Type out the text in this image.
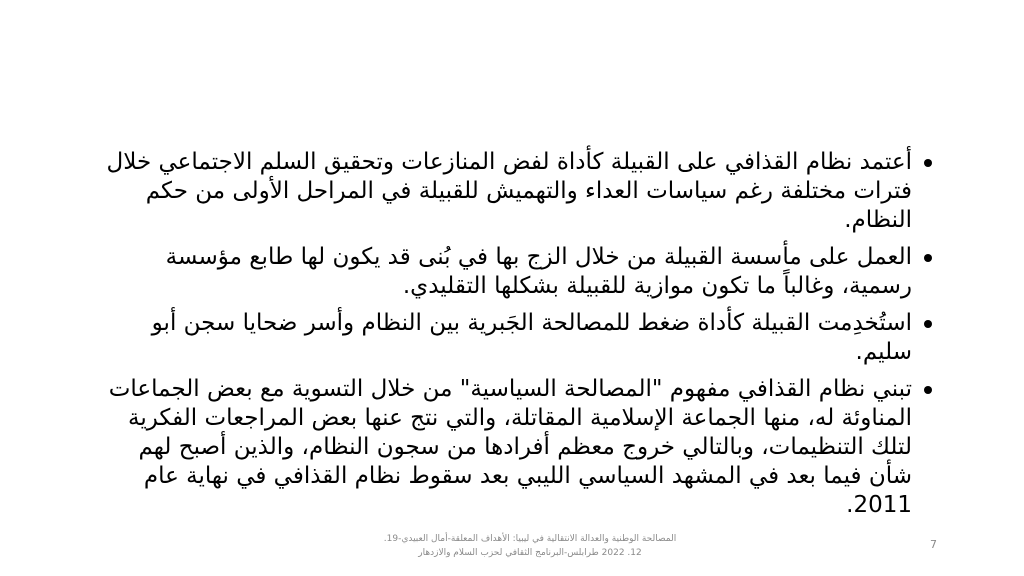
أعتمد نظام القذافي على القبيلة كأداة لفض المنازعات وتحقيق السلم الاجتماعي خلال فترات مختلفة رغم سياسات العداء والتهميش للقبيلة في المراحل الأولى من حكم النظام.
العمل على مأسسة القبيلة من خلال الزج بها في بُنى قد يكون لها طابع مؤسسة رسمية، وغالباً ما تكون موازية للقبيلة بشكلها التقليدي.
استُخدِمت القبيلة كأداة ضغط للمصالحة الجَبرية بين النظام وأسر ضحايا سجن أبو سليم.
تبني نظام القذافي مفهوم "المصالحة السياسية" من خلال التسوية مع بعض الجماعات المناوئة له، منها الجماعة الإسلامية المقاتلة، والتي نتج عنها بعض المراجعات الفكرية لتلك التنظيمات، وبالتالي خروج معظم أفرادها من سجون النظام، والذين أصبح لهم شأن فيما بعد في المشهد السياسي الليبي بعد سقوط نظام القذافي في نهاية عام 2011.
المصالحة الوطنية والعدالة الانتقالية في ليبيا: الأهداف المعلقة-أمال العبيدي-19.
12. 2022 طرابلس-البرنامج الثقافي لحزب السلام والازدهار
7
